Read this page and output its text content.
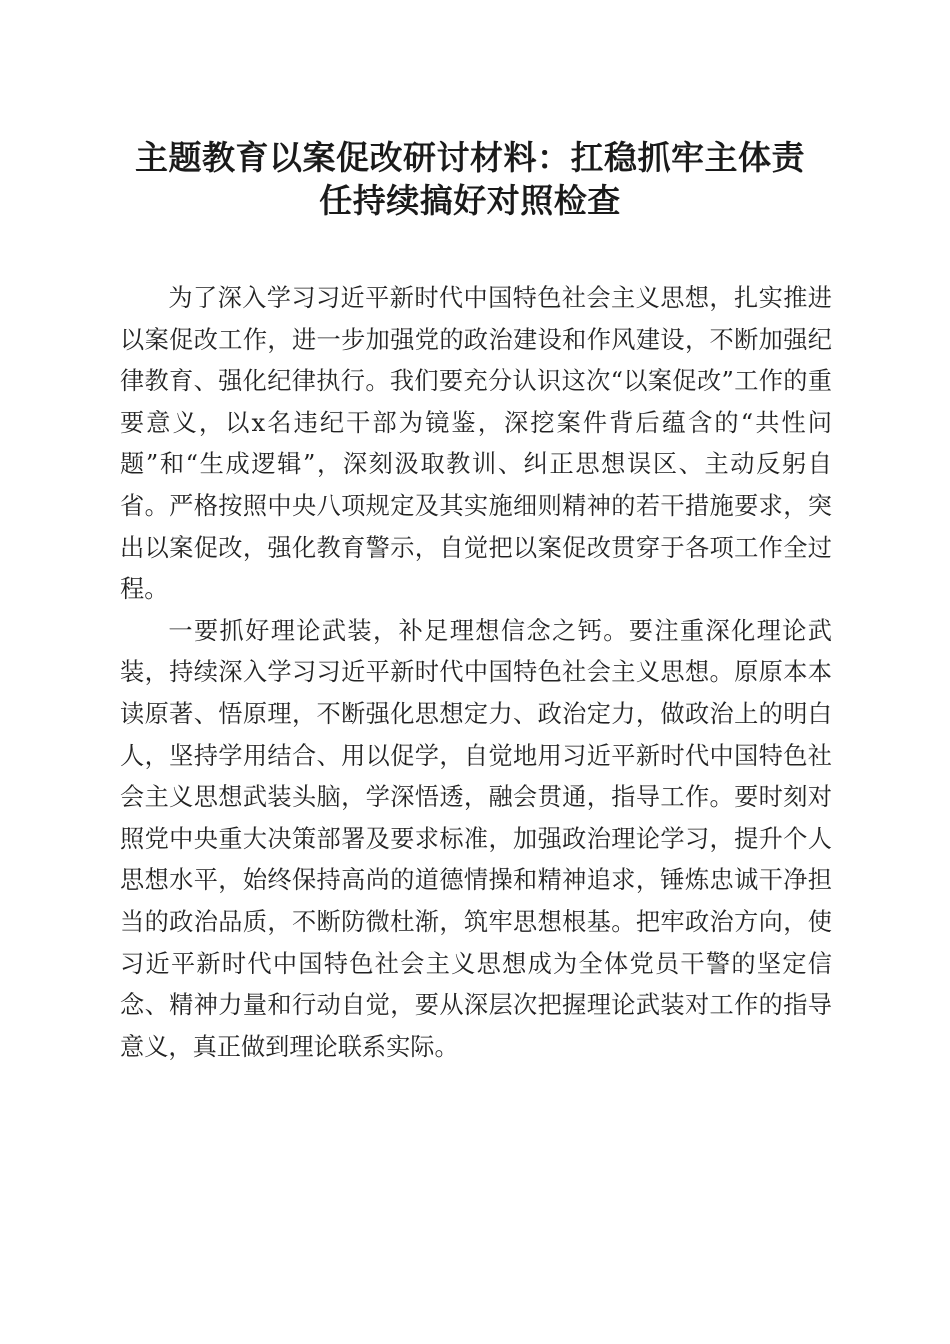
主题教育以案促改研讨材料：扛稳抓牢主体责
任持续搞好对照检查

为了深入学习习近平新时代中国特色社会主义思想，扎实推进以案促改工作，进一步加强党的政治建设和作风建设，不断加强纪律教育、强化纪律执行。我们要充分认识这次“以案促改”工作的重要意义，以x名违纪干部为镜鉴，深挖案件背后蕴含的“共性问题”和“生成逻辑”，深刻汲取教训、纠正思想误区、主动反躬自省。严格按照中央八项规定及其实施细则精神的若干措施要求，突出以案促改，强化教育警示，自觉把以案促改贯穿于各项工作全过程。

一要抓好理论武装，补足理想信念之钙。要注重深化理论武装，持续深入学习习近平新时代中国特色社会主义思想。原原本本读原著、悟原理，不断强化思想定力、政治定力，做政治上的明白人，坚持学用结合、用以促学，自觉地用习近平新时代中国特色社会主义思想武装头脑，学深悟透，融会贯通，指导工作。要时刻对照党中央重大决策部署及要求标准，加强政治理论学习，提升个人思想水平，始终保持高尚的道德情操和精神追求，锤炼忠诚干净担当的政治品质，不断防微杜渐，筑牢思想根基。把牢政治方向，使习近平新时代中国特色社会主义思想成为全体党员干警的坚定信念、精神力量和行动自觉，要从深层次把握理论武装对工作的指导意义，真正做到理论联系实际。
